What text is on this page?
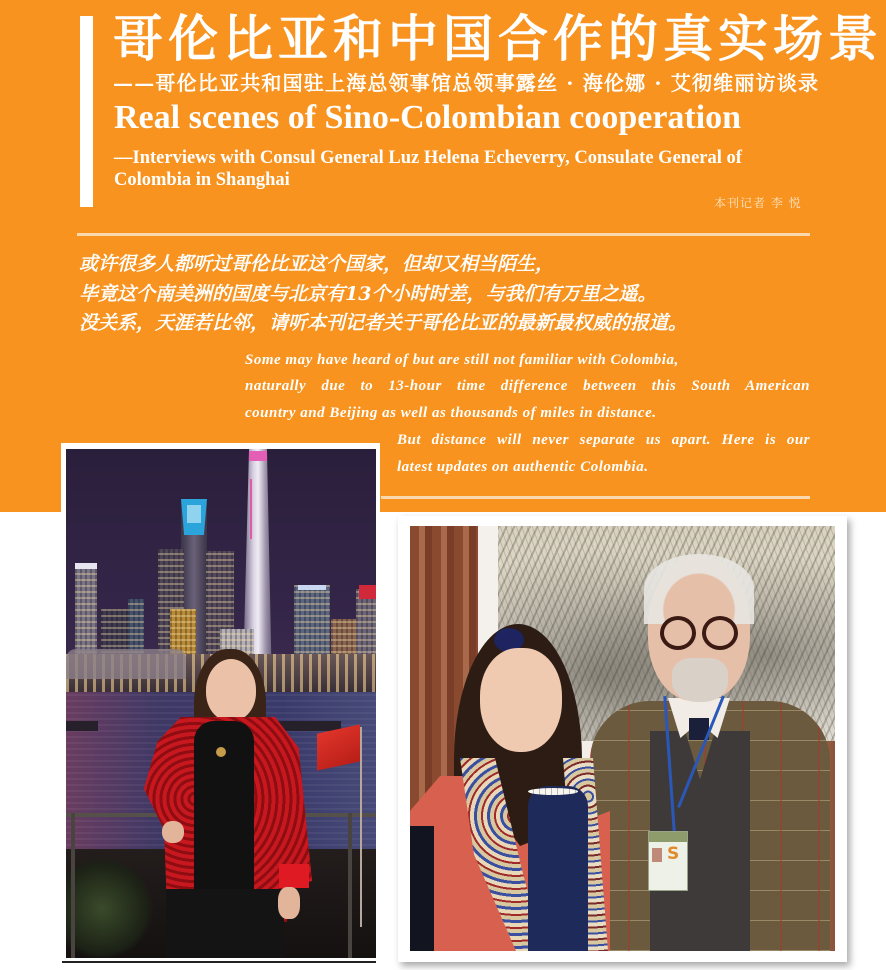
哥伦比亚和中国合作的真实场景
——哥伦比亚共和国驻上海总领事馆总领事露丝 · 海伦娜 · 艾彻维丽访谈录
Real scenes of Sino-Colombian cooperation
—Interviews with Consul General Luz Helena Echeverry, Consulate General of
Colombia in Shanghai
本刊记者 李 悦
或许很多人都听过哥伦比亚这个国家，但却又相当陌生，
毕竟这个南美洲的国度与北京有13个小时时差，与我们有万里之遥。
没关系，天涯若比邻，请听本刊记者关于哥伦比亚的最新最权威的报道。
Some may have heard of but are still not familiar with Colombia,
naturally due to 13-hour time difference between this South American
country and Beijing as well as thousands of miles in distance.
But distance will never separate us apart. Here is our
latest updates on authentic Colombia.
S
